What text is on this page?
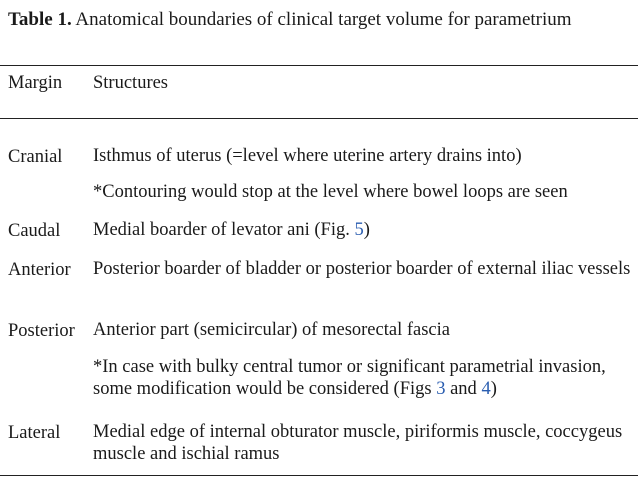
Table 1. Anatomical boundaries of clinical target volume for parametrium
Margin Structures
Cranial Isthmus of uterus (=level where uterine artery drains into)
*Contouring would stop at the level where bowel loops are seen
Caudal Medial boarder of levator ani (Fig. 5)
Anterior Posterior boarder of bladder or posterior boarder of external iliac vessels
Posterior Anterior part (semicircular) of mesorectal fascia
*In case with bulky central tumor or significant parametrial invasion, some modification would be considered (Figs 3 and 4)
Lateral Medial edge of internal obturator muscle, piriformis muscle, coccygeus muscle and ischial ramus
